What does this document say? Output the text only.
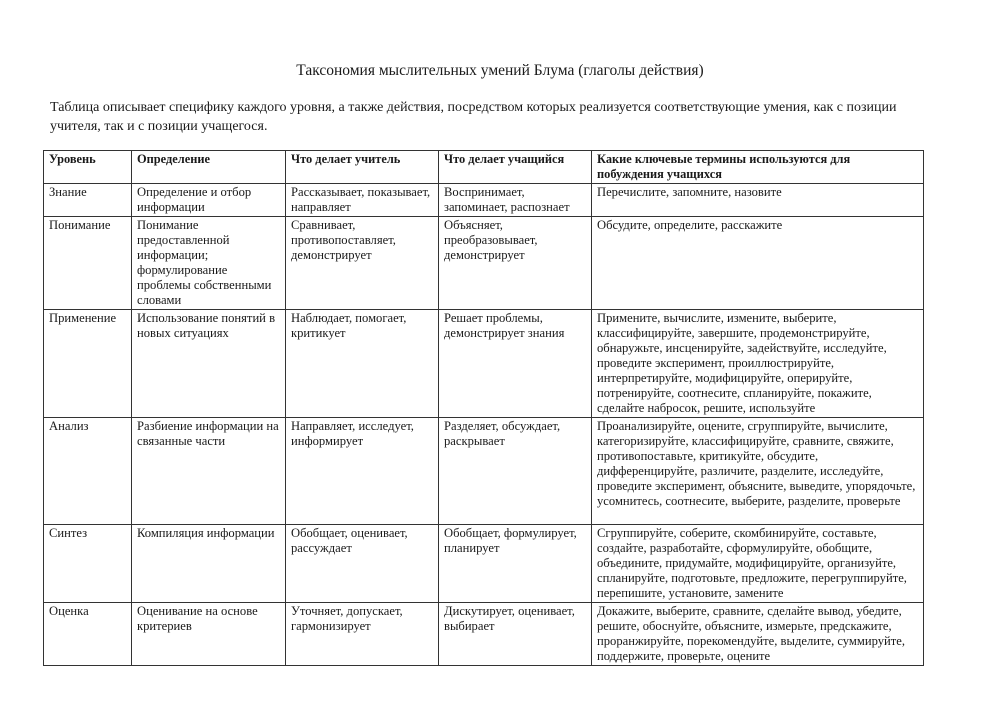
Таксономия мыслительных умений Блума (глаголы действия)
Таблица описывает специфику каждого уровня, а также действия, посредством которых реализуется соответствующие умения, как с позиции учителя, так и с позиции учащегося.
Уровень	Определение	Что делает учитель	Что делает учащийся	Какие ключевые термины используются для побуждения учащихся
Знание	Определение и отбор информации	Рассказывает, показывает, направляет	Воспринимает, запоминает, распознает	Перечислите, запомните, назовите
Понимание	Понимание предоставленной информации; формулирование проблемы собственными словами	Сравнивает, противопоставляет, демонстрирует	Объясняет, преобразовывает, демонстрирует	Обсудите, определите, расскажите
Применение	Использование понятий в новых ситуациях	Наблюдает, помогает, критикует	Решает проблемы, демонстрирует знания	Примените, вычислите, измените, выберите, классифицируйте, завершите, продемонстрируйте, обнаружьте, инсценируйте, задействуйте, исследуйте, проведите эксперимент, проиллюстрируйте, интерпретируйте, модифицируйте, оперируйте, потренируйте, соотнесите, спланируйте, покажите, сделайте набросок, решите, используйте
Анализ	Разбиение информации на связанные части	Направляет, исследует, информирует	Разделяет, обсуждает, раскрывает	Проанализируйте, оцените, сгруппируйте, вычислите, категоризируйте, классифицируйте, сравните, свяжите, противопоставьте, критикуйте, обсудите, дифференцируйте, различите, разделите, исследуйте, проведите эксперимент, объясните, выведите, упорядочьте, усомнитесь, соотнесите, выберите, разделите, проверьте
Синтез	Компиляция информации	Обобщает, оценивает, рассуждает	Обобщает, формулирует, планирует	Сгруппируйте, соберите, скомбинируйте, составьте, создайте, разработайте, сформулируйте, обобщите, объедините, придумайте, модифицируйте, организуйте, спланируйте, подготовьте, предложите, перегруппируйте, перепишите, установите, замените
Оценка	Оценивание на основе критериев	Уточняет, допускает, гармонизирует	Дискутирует, оценивает, выбирает	Докажите, выберите, сравните, сделайте вывод, убедите, решите, обоснуйте, объясните, измерьте, предскажите, проранжируйте, порекомендуйте, выделите, суммируйте, поддержите, проверьте, оцените
